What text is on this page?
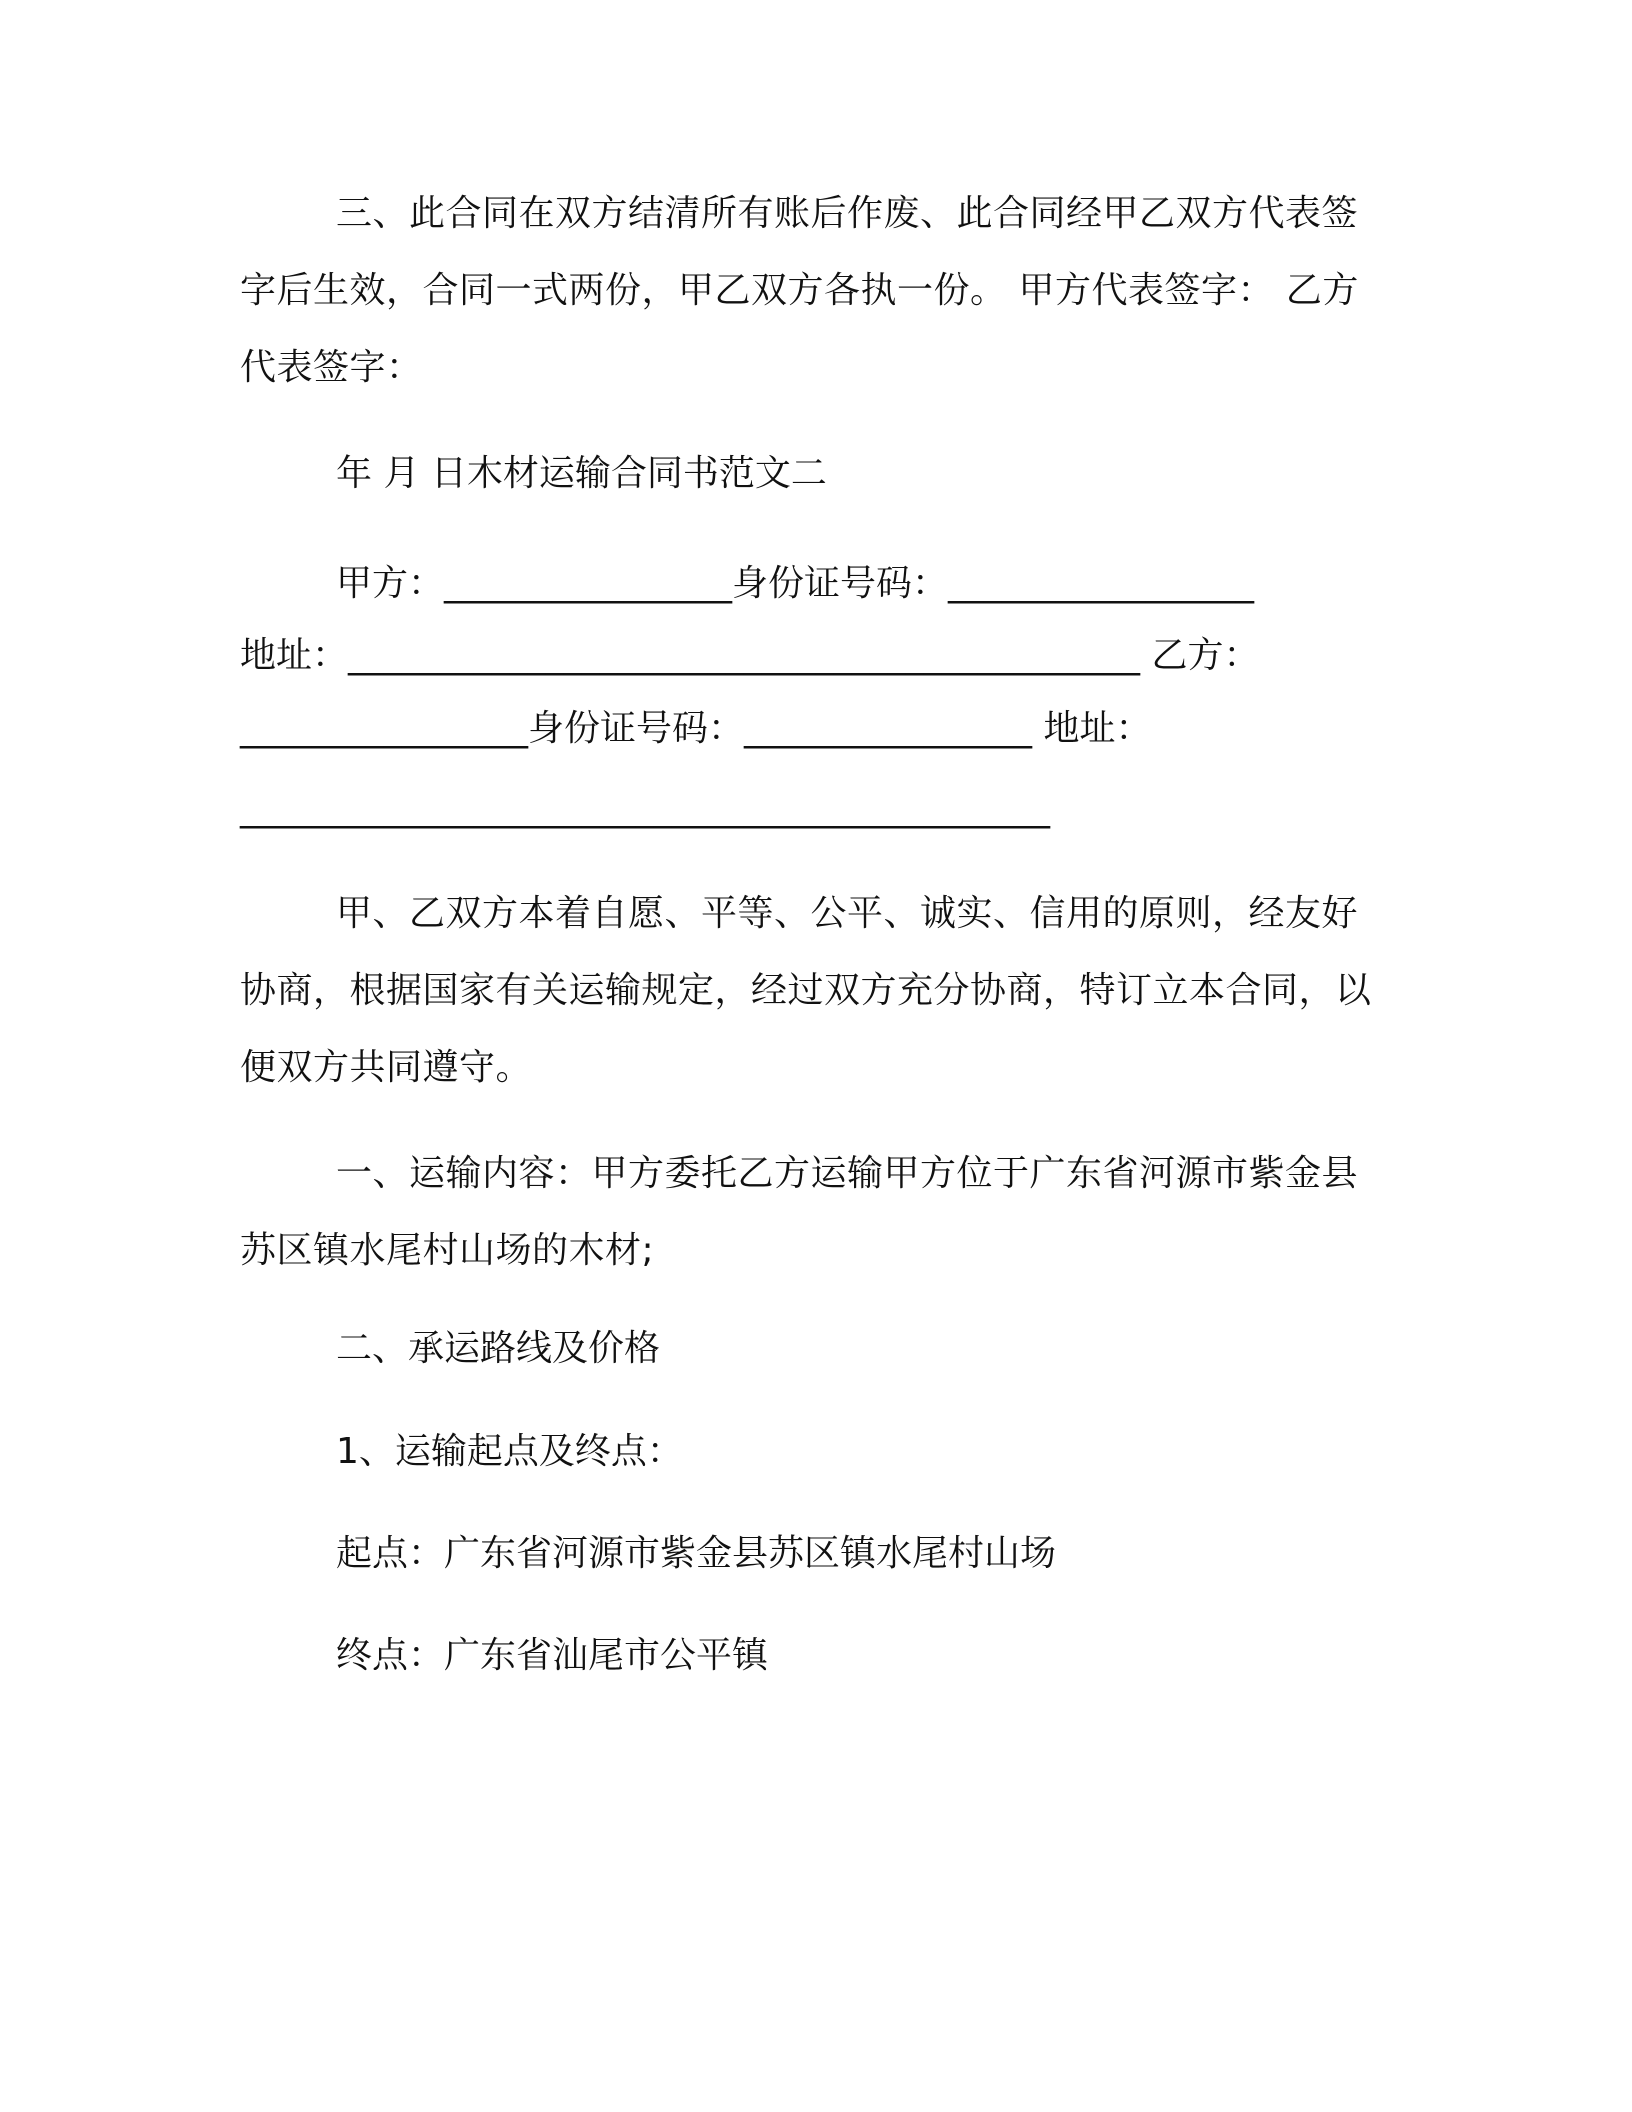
三、此合同在双方结清所有账后作废、此合同经甲乙双方代表签字后生效，合同一式两份，甲乙双方各执一份。 甲方代表签字： 乙方代表签字：

年 月 日木材运输合同书范文二

甲方：________________身份证号码：_________________

地址：____________________________________________ 乙方：

________________身份证号码：________________ 地址：

_____________________________________________

甲、乙双方本着自愿、平等、公平、诚实、信用的原则，经友好协商，根据国家有关运输规定，经过双方充分协商，特订立本合同，以便双方共同遵守。

一、运输内容：甲方委托乙方运输甲方位于广东省河源市紫金县苏区镇水尾村山场的木材;

二、承运路线及价格

1、运输起点及终点：

起点：广东省河源市紫金县苏区镇水尾村山场

终点：广东省汕尾市公平镇
